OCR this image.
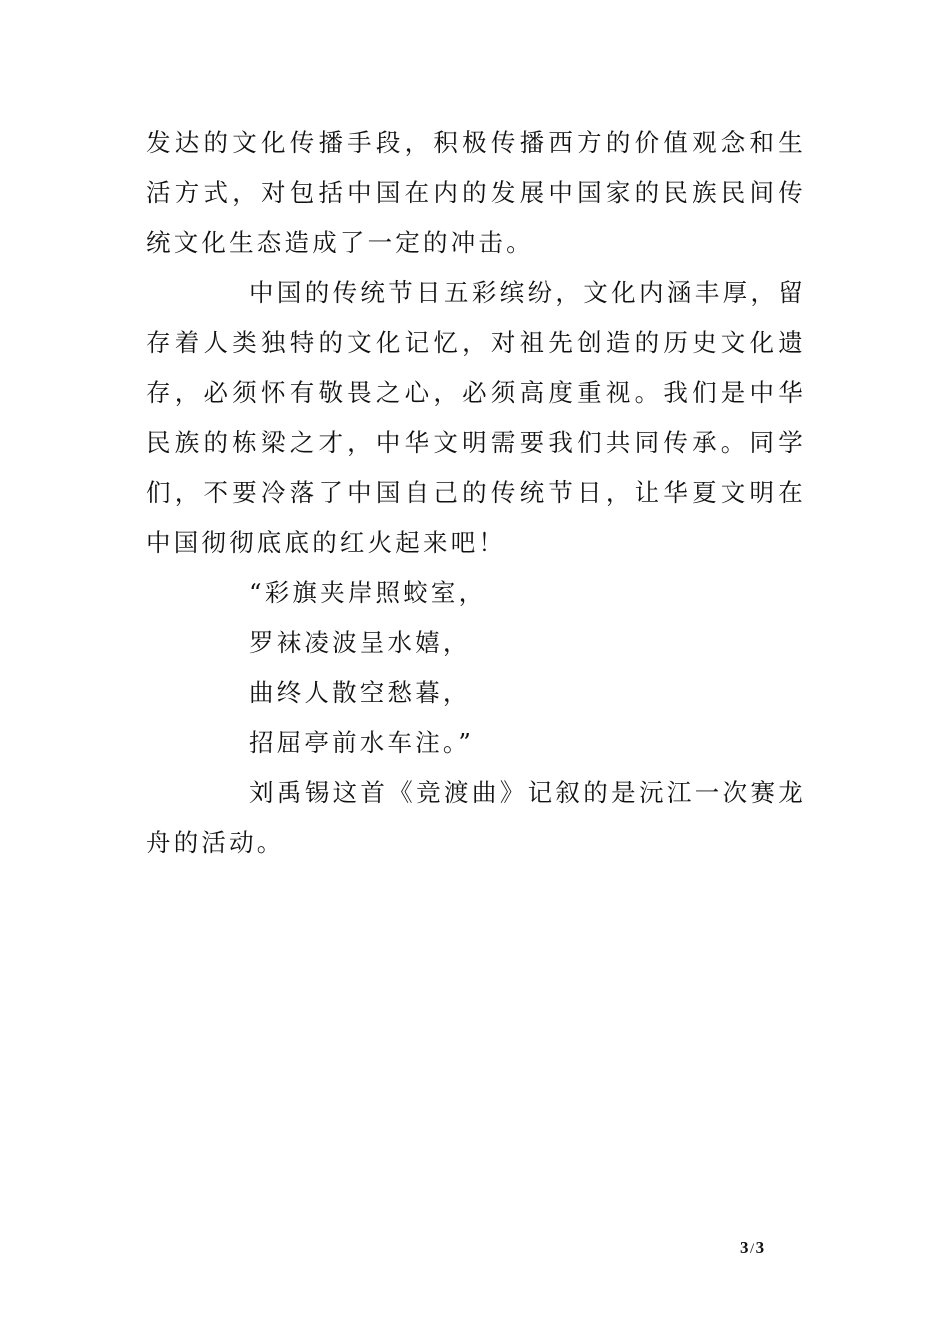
发达的文化传播手段，积极传播西方的价值观念和生活方式，对包括中国在内的发展中国家的民族民间传统文化生态造成了一定的冲击。

中国的传统节日五彩缤纷，文化内涵丰厚，留存着人类独特的文化记忆，对祖先创造的历史文化遗存，必须怀有敬畏之心，必须高度重视。我们是中华民族的栋梁之才，中华文明需要我们共同传承。同学们，不要冷落了中国自己的传统节日，让华夏文明在中国彻彻底底的红火起来吧！

“彩旗夹岸照蛟室，
罗袜凌波呈水嬉，
曲终人散空愁暮，
招屈亭前水车注。”

刘禹锡这首《竞渡曲》记叙的是沅江一次赛龙舟的活动。

3/3
